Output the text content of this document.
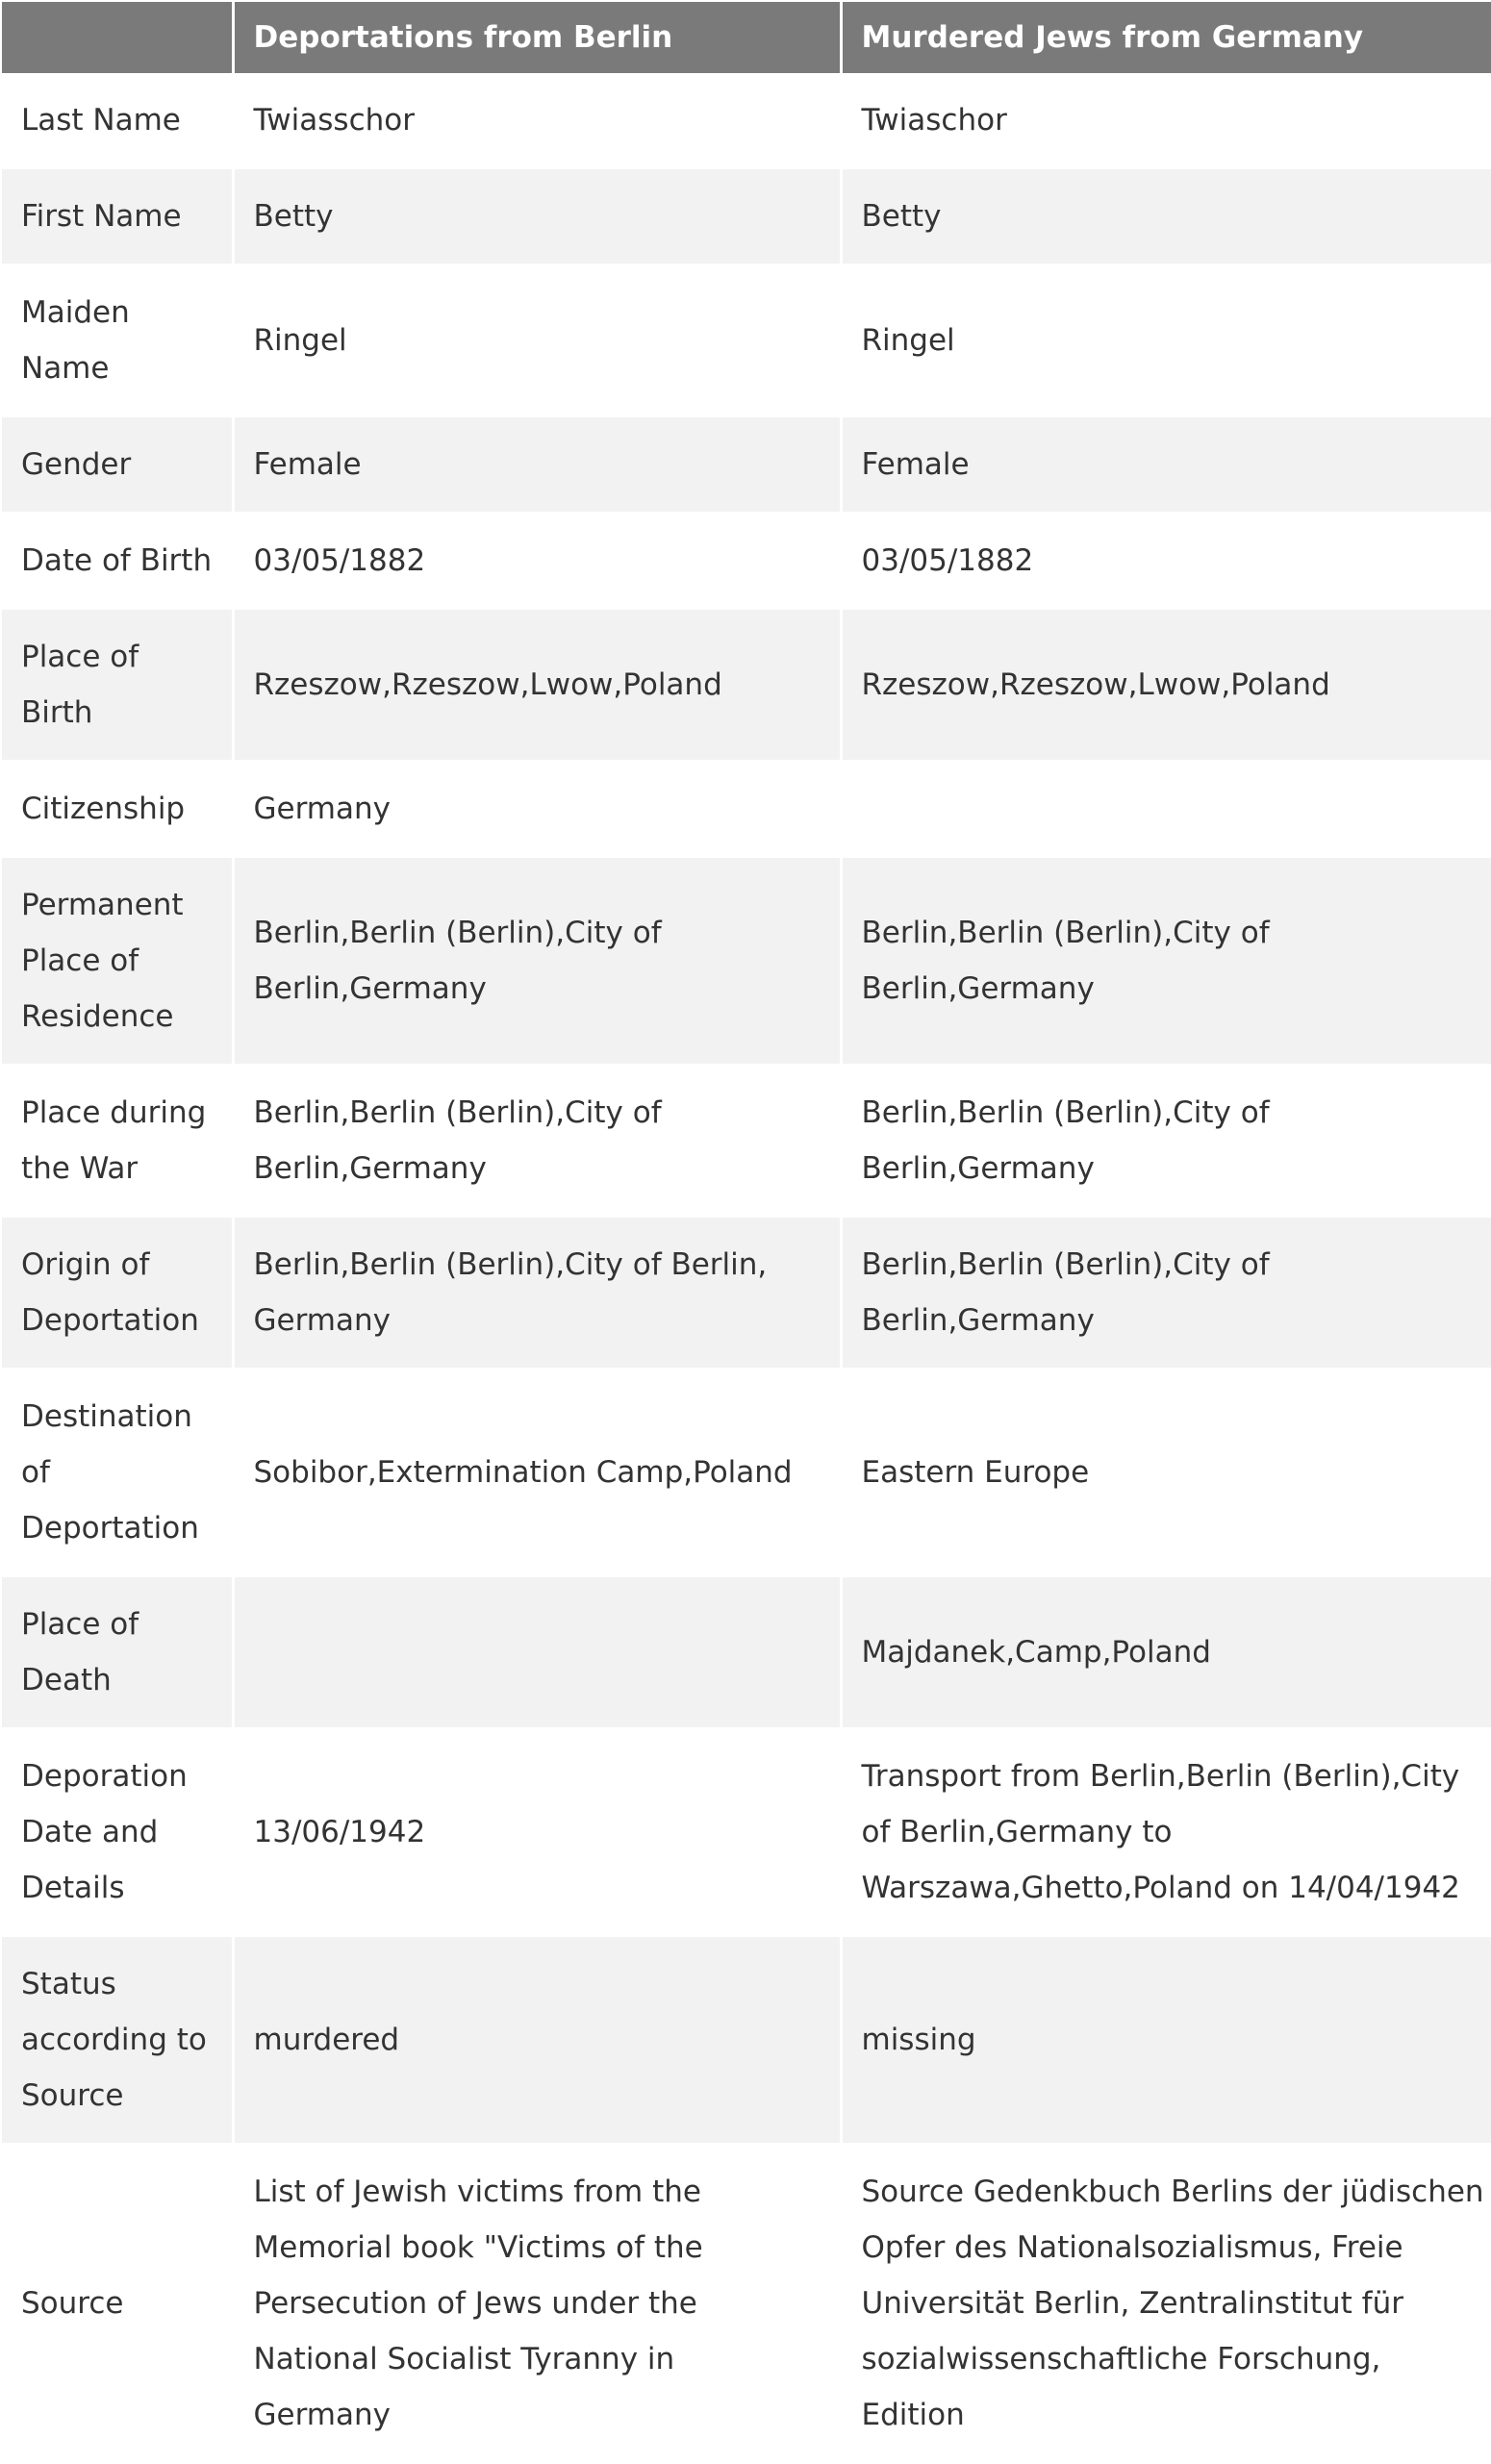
	Deportations from Berlin	Murdered Jews from Germany
Last Name	Twiasschor	Twiaschor
First Name	Betty	Betty
Maiden Name	Ringel	Ringel
Gender	Female	Female
Date of Birth	03/05/1882	03/05/1882
Place of Birth	Rzeszow,Rzeszow,Lwow,Poland	Rzeszow,Rzeszow,Lwow,Poland
Citizenship	Germany	
Permanent Place of Residence	Berlin,Berlin (Berlin),City of Berlin,Germany	Berlin,Berlin (Berlin),City of Berlin,Germany
Place during the War	Berlin,Berlin (Berlin),City of Berlin,Germany	Berlin,Berlin (Berlin),City of Berlin,Germany
Origin of Deportation	Berlin,Berlin (Berlin),City of Berlin, Germany	Berlin,Berlin (Berlin),City of Berlin,Germany
Destination of Deportation	Sobibor,Extermination Camp,Poland	Eastern Europe
Place of Death		Majdanek,Camp,Poland
Deporation Date and Details	13/06/1942	Transport from Berlin,Berlin (Berlin),City of Berlin,Germany to Warszawa,Ghetto,Poland on 14/04/1942
Status according to Source	murdered	missing
Source	List of Jewish victims from the Memorial book "Victims of the Persecution of Jews under the National Socialist Tyranny in Germany	Source Gedenkbuch Berlins der jüdischen Opfer des Nationalsozialismus, Freie Universität Berlin, Zentralinstitut für sozialwissenschaftliche Forschung, Edition
